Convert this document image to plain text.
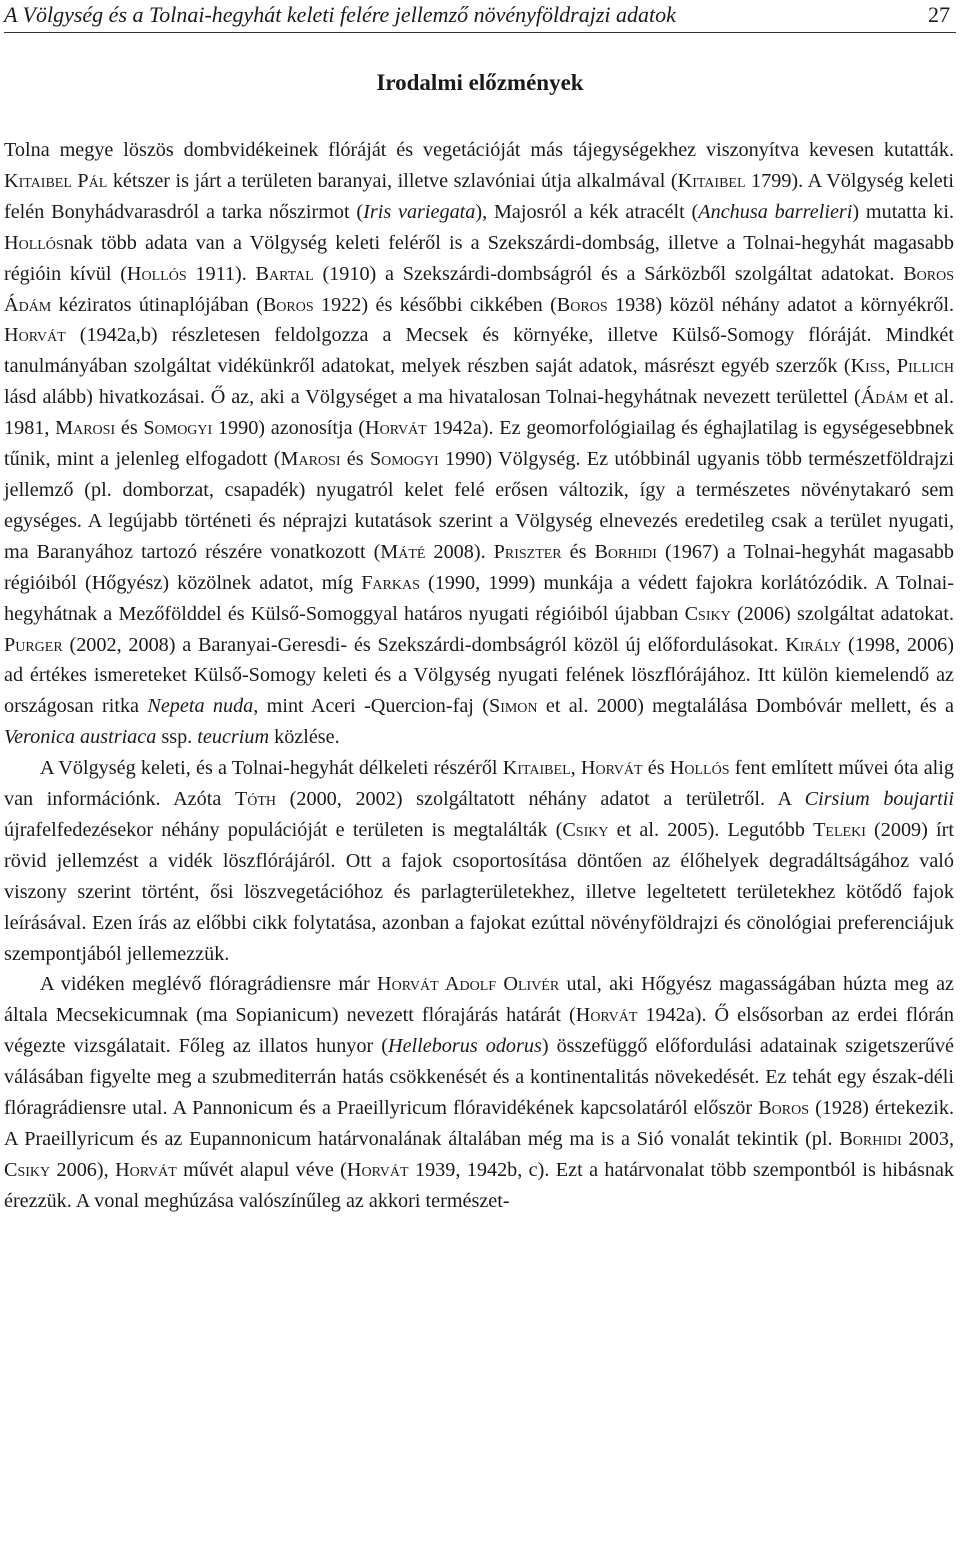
A Völgység és a Tolnai-hegyhát keleti felére jellemző növényföldrajzi adatok	27
Irodalmi előzmények

Tolna megye löszös dombvidékeinek flóráját és vegetációját más tájegységekhez viszonyítva kevesen kutatták. Kitaibel Pál kétszer is járt a területen baranyai, illetve szlavóniai útja alkalmával (Kitaibel 1799). A Völgység keleti felén Bonyhádvarasdról a tarka nőszirmot (Iris variegata), Majosról a kék atracélt (Anchusa barrelieri) mutatta ki. Hollósnak több adata van a Völgység keleti feléről is a Szekszárdi-dombság, illetve a Tolnai-hegyhát magasabb régióin kívül (Hollós 1911). Bartal (1910) a Szekszárdi-dombságról és a Sárközből szolgáltat adatokat. Boros Ádám kéziratos útinaplójában (Boros 1922) és későbbi cikkében (Boros 1938) közöl néhány adatot a környékről. Horvát (1942a,b) részletesen feldolgozza a Mecsek és környéke, illetve Külső-Somogy flóráját. Mindkét tanulmányában szolgáltat vidékünkről adatokat, melyek részben saját adatok, másrészt egyéb szerzők (Kiss, Pillich lásd alább) hivatkozásai. Ő az, aki a Völgységet a ma hivatalosan Tolnai-hegyhátnak nevezett területtel (Ádám et al. 1981, Marosi és Somogyi 1990) azonosítja (Horvát 1942a). Ez geomorfológiailag és éghajlatilag is egységesebbnek tűnik, mint a jelenleg elfogadott (Marosi és Somogyi 1990) Völgység. Ez utóbbinál ugyanis több természetföldrajzi jellemző (pl. domborzat, csapadék) nyugatról kelet felé erősen változik, így a természetes növénytakaró sem egységes. A legújabb történeti és néprajzi kutatások szerint a Völgység elnevezés eredetileg csak a terület nyugati, ma Baranyához tartozó részére vonatkozott (Máté 2008). Priszter és Borhidi (1967) a Tolnai-hegyhát magasabb régióiból (Hőgyész) közölnek adatot, míg Farkas (1990, 1999) munkája a védett fajokra korlátózódik. A Tolnai-hegyhátnak a Mezőfölddel és Külső-Somoggyal határos nyugati régióiból újabban Csiky (2006) szolgáltat adatokat. Purger (2002, 2008) a Baranyai-Geresdi- és Szekszárdi-dombságról közöl új előfordulásokat. Király (1998, 2006) ad értékes ismereteket Külső-Somogy keleti és a Völgység nyugati felének löszflórájához. Itt külön kiemelendő az országosan ritka Nepeta nuda, mint Aceri -Quercion-faj (Simon et al. 2000) megtalálása Dombóvár mellett, és a Veronica austriaca ssp. teucrium közlése.

A Völgység keleti, és a Tolnai-hegyhát délkeleti részéről Kitaibel, Horvát és Hollós fent említett művei óta alig van információnk. Azóta Tóth (2000, 2002) szolgáltatott néhány adatot a területről. A Cirsium boujartii újrafelfedezésekor néhány populációját e területen is megtalálták (Csiky et al. 2005). Legutóbb Teleki (2009) írt rövid jellemzést a vidék löszflórájáról. Ott a fajok csoportosítása döntően az élőhelyek degradáltságához való viszony szerint történt, ősi löszvegetációhoz és parlagterületekhez, illetve legeltetett területekhez kötődő fajok leírásával. Ezen írás az előbbi cikk folytatása, azonban a fajokat ezúttal növényföldrajzi és cönológiai preferenciájuk szempontjából jellemezzük.

A vidéken meglévő flóragrádiensre már Horvát Adolf Olivér utal, aki Hőgyész magasságában húzta meg az általa Mecsekicumnak (ma Sopianicum) nevezett flórajárás határát (Horvát 1942a). Ő elsősorban az erdei flórán végezte vizsgálatait. Főleg az illatos hunyor (Helleborus odorus) összefüggő előfordulási adatainak szigetszerűvé válásában figyelte meg a szubmediterrán hatás csökkenését és a kontinentalitás növekedését. Ez tehát egy észak-déli flóragrádiensre utal. A Pannonicum és a Praeillyricum flóravidékének kapcsolatáról először Boros (1928) értekezik. A Praeillyricum és az Eupannonicum határvonalának általában még ma is a Sió vonalát tekintik (pl. Borhidi 2003, Csiky 2006), Horvát művét alapul véve (Horvát 1939, 1942b, c). Ezt a határvonalat több szempontból is hibásnak érezzük. A vonal meghúzása valószínűleg az akkori természet-
